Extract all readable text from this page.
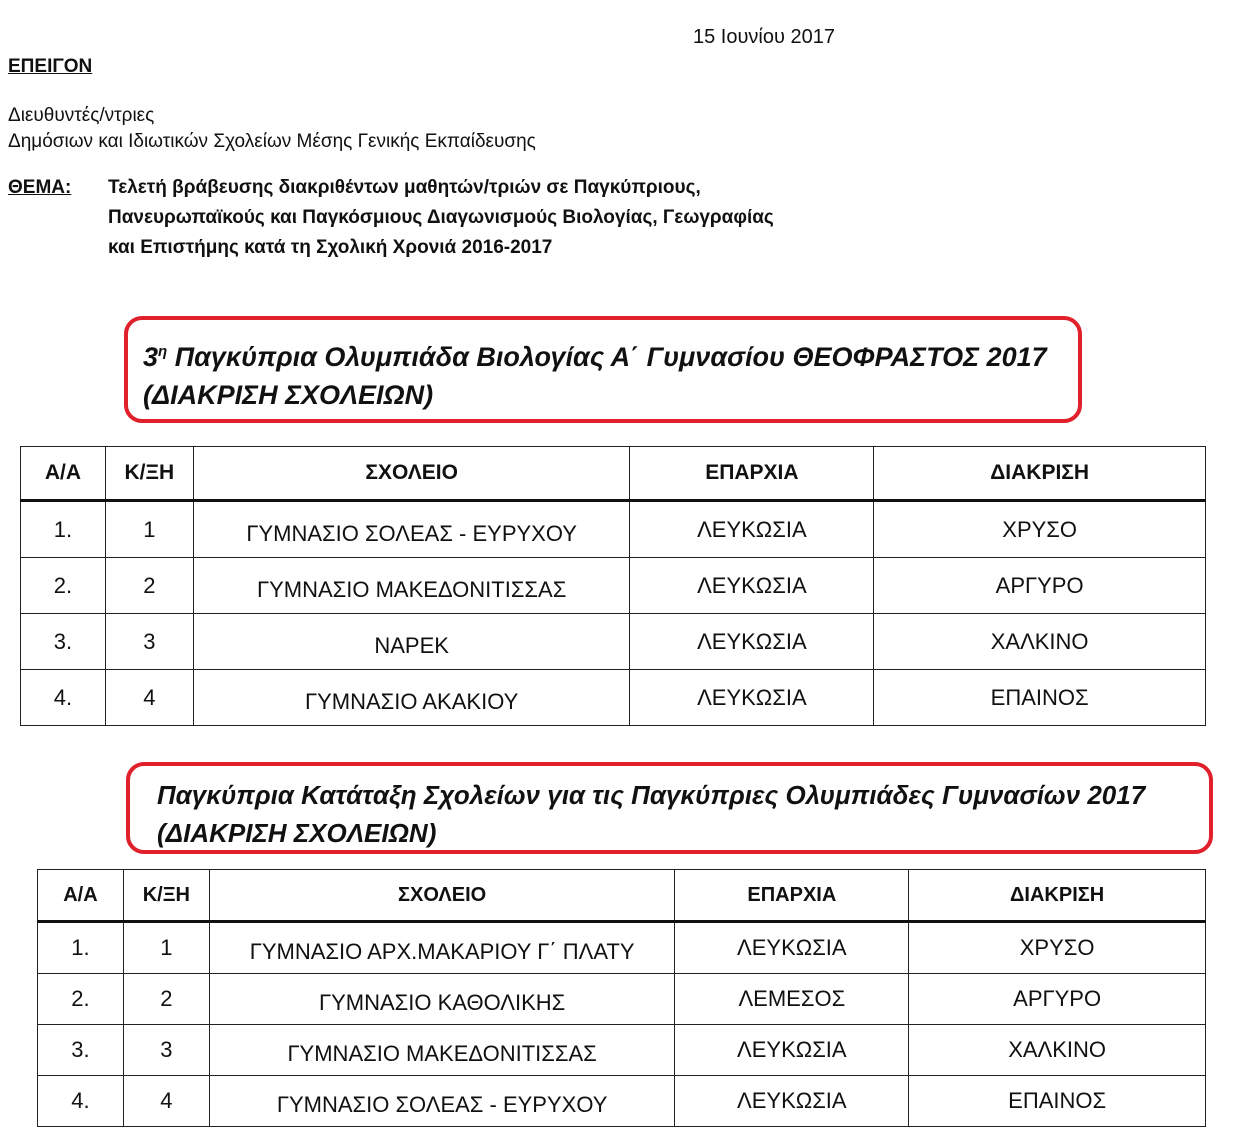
15 Ιουνίου 2017
ΕΠΕΙΓΟΝ
Διευθυντές/ντριες
Δημόσιων και Ιδιωτικών Σχολείων Μέσης Γενικής Εκπαίδευσης
ΘΕΜΑ: Τελετή βράβευσης διακριθέντων μαθητών/τριών σε Παγκύπριους,
Πανευρωπαϊκούς και Παγκόσμιους Διαγωνισμούς Βιολογίας, Γεωγραφίας
και Επιστήμης κατά τη Σχολική Χρονιά 2016-2017
$3^\eta$ Παγκύπρια Ολυμπιάδα Βιολογίας Α΄ Γυμνασίου ΘΕΟΦΡΑΣΤΟΣ 2017
(ΔΙΑΚΡΙΣΗ ΣΧΟΛΕΙΩΝ)
Α/Α	Κ/ΞΗ	ΣΧΟΛΕΙΟ	ΕΠΑΡΧΙΑ	ΔΙΑΚΡΙΣΗ
1.	1	ΓΥΜΝΑΣΙΟ ΣΟΛΕΑΣ - ΕΥΡΥΧΟΥ	ΛΕΥΚΩΣΙΑ	ΧΡΥΣΟ
2.	2	ΓΥΜΝΑΣΙΟ ΜΑΚΕΔΟΝΙΤΙΣΣΑΣ	ΛΕΥΚΩΣΙΑ	ΑΡΓΥΡΟ
3.	3	ΝΑΡΕΚ	ΛΕΥΚΩΣΙΑ	ΧΑΛΚΙΝΟ
4.	4	ΓΥΜΝΑΣΙΟ ΑΚΑΚΙΟΥ	ΛΕΥΚΩΣΙΑ	ΕΠΑΙΝΟΣ
Παγκύπρια Κατάταξη Σχολείων για τις Παγκύπριες Ολυμπιάδες Γυμνασίων 2017
(ΔΙΑΚΡΙΣΗ ΣΧΟΛΕΙΩΝ)
Α/Α	Κ/ΞΗ	ΣΧΟΛΕΙΟ	ΕΠΑΡΧΙΑ	ΔΙΑΚΡΙΣΗ
1.	1	ΓΥΜΝΑΣΙΟ ΑΡΧ.ΜΑΚΑΡΙΟΥ Γ΄ ΠΛΑΤΥ	ΛΕΥΚΩΣΙΑ	ΧΡΥΣΟ
2.	2	ΓΥΜΝΑΣΙΟ ΚΑΘΟΛΙΚΗΣ	ΛΕΜΕΣΟΣ	ΑΡΓΥΡΟ
3.	3	ΓΥΜΝΑΣΙΟ ΜΑΚΕΔΟΝΙΤΙΣΣΑΣ	ΛΕΥΚΩΣΙΑ	ΧΑΛΚΙΝΟ
4.	4	ΓΥΜΝΑΣΙΟ ΣΟΛΕΑΣ - ΕΥΡΥΧΟΥ	ΛΕΥΚΩΣΙΑ	ΕΠΑΙΝΟΣ
